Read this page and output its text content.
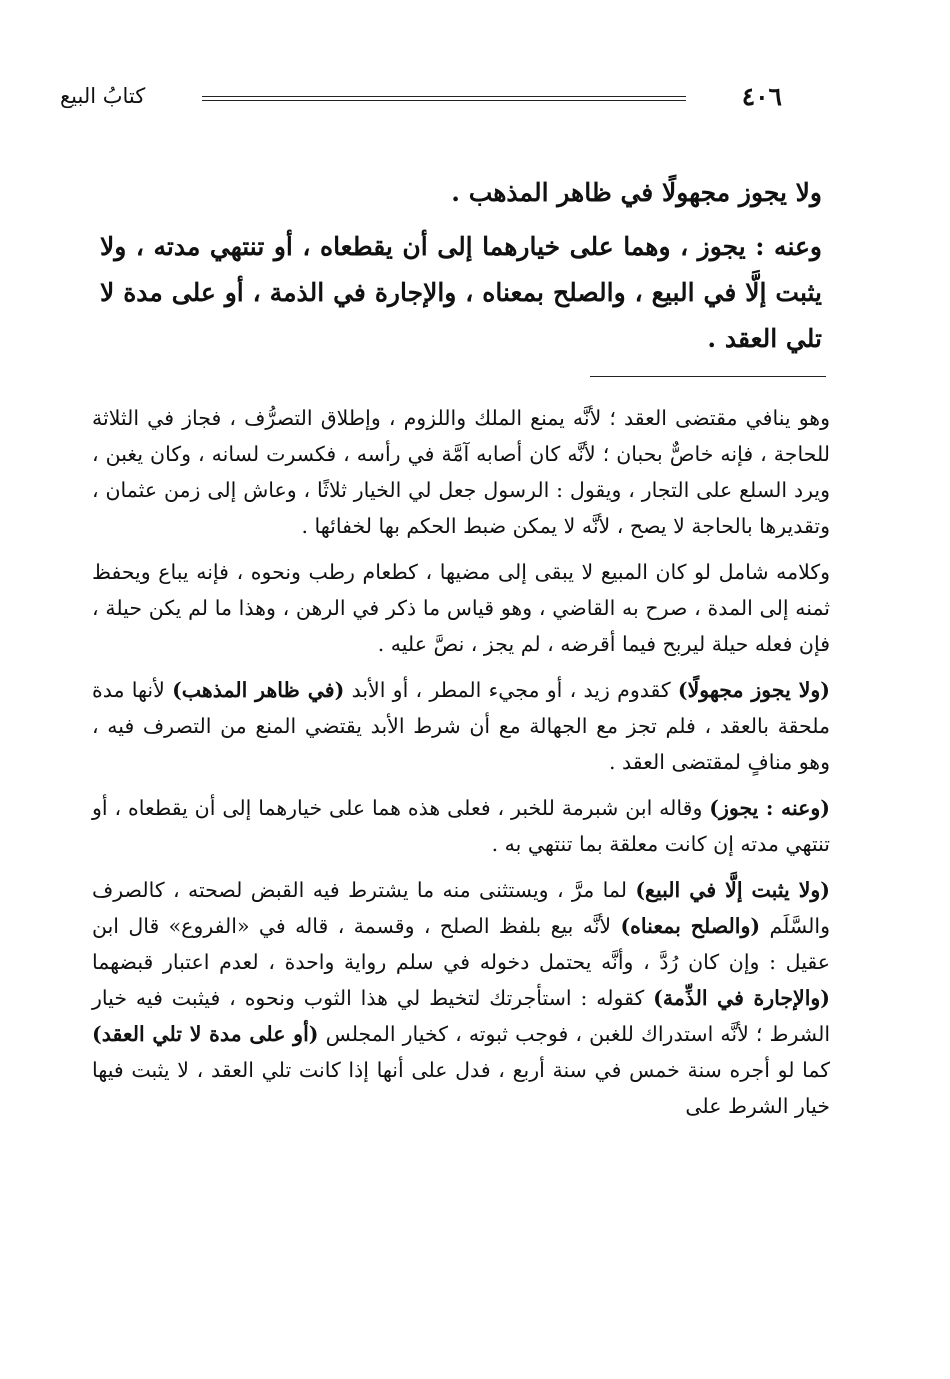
٤٠٦
كتابُ البيع

ولا يجوز مجهولًا في ظاهر المذهب .

وعنه : يجوز ، وهما على خيارهما إلى أن يقطعاه ، أو تنتهي مدته ، ولا يثبت إلَّا في البيع ، والصلح بمعناه ، والإجارة في الذمة ، أو على مدة لا تلي العقد .

وهو ينافي مقتضى العقد ؛ لأنَّه يمنع الملك واللزوم ، وإطلاق التصرُّف ، فجاز في الثلاثة للحاجة ، فإنه خاصٌّ بحبان ؛ لأنَّه كان أصابه آمَّة في رأسه ، فكسرت لسانه ، وكان يغبن ، ويرد السلع على التجار ، ويقول : الرسول جعل لي الخيار ثلاثًا ، وعاش إلى زمن عثمان ، وتقديرها بالحاجة لا يصح ، لأنَّه لا يمكن ضبط الحكم بها لخفائها .

وكلامه شامل لو كان المبيع لا يبقى إلى مضيها ، كطعام رطب ونحوه ، فإنه يباع ويحفظ ثمنه إلى المدة ، صرح به القاضي ، وهو قياس ما ذكر في الرهن ، وهذا ما لم يكن حيلة ، فإن فعله حيلة ليربح فيما أقرضه ، لم يجز ، نصَّ عليه .

(ولا يجوز مجهولًا) كقدوم زيد ، أو مجيء المطر ، أو الأبد (في ظاهر المذهب) لأنها مدة ملحقة بالعقد ، فلم تجز مع الجهالة مع أن شرط الأبد يقتضي المنع من التصرف فيه ، وهو منافٍ لمقتضى العقد .

(وعنه : يجوز) وقاله ابن شبرمة للخبر ، فعلى هذه هما على خيارهما إلى أن يقطعاه ، أو تنتهي مدته إن كانت معلقة بما تنتهي به .

(ولا يثبت إلَّا في البيع) لما مرَّ ، ويستثنى منه ما يشترط فيه القبض لصحته ، كالصرف والسَّلَم (والصلح بمعناه) لأنَّه بيع بلفظ الصلح ، وقسمة ، قاله في «الفروع» قال ابن عقيل : وإن كان رُدَّ ، وأنَّه يحتمل دخوله في سلم رواية واحدة ، لعدم اعتبار قبضهما (والإجارة في الذِّمة) كقوله : استأجرتك لتخيط لي هذا الثوب ونحوه ، فيثبت فيه خيار الشرط ؛ لأنَّه استدراك للغبن ، فوجب ثبوته ، كخيار المجلس (أو على مدة لا تلي العقد) كما لو أجره سنة خمس في سنة أربع ، فدل على أنها إذا كانت تلي العقد ، لا يثبت فيها خيار الشرط على
